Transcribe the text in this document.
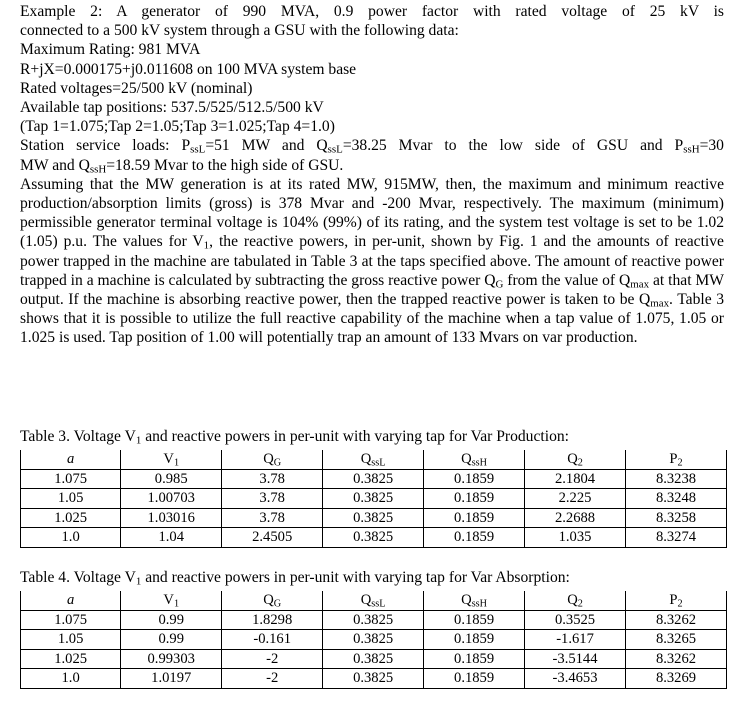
Example 2: A generator of 990 MVA, 0.9 power factor with rated voltage of 25 kV is
connected to a 500 kV system through a GSU with the following data:
Maximum Rating: 981 MVA
R+jX=0.000175+j0.011608 on 100 MVA system base
Rated voltages=25/500 kV (nominal)
Available tap positions: 537.5/525/512.5/500 kV
(Tap 1=1.075;Tap 2=1.05;Tap 3=1.025;Tap 4=1.0)
Station service loads: $P_{ssL}=51$ MW and $Q_{ssL}=38.25$ Mvar to the low side of GSU and $P_{ssH}=30$
MW and $Q_{ssH}=18.59$ Mvar to the high side of GSU.

Assuming that the MW generation is at its rated MW, 915MW, then, the maximum and minimum reactive production/absorption limits (gross) is 378 Mvar and -200 Mvar, respectively. The maximum (minimum) permissible generator terminal voltage is 104% (99%) of its rating, and the system test voltage is set to be 1.02 (1.05) p.u. The values for $V_1$, the reactive powers, in per-unit, shown by Fig. 1 and the amounts of reactive power trapped in the machine are tabulated in Table 3 at the taps specified above. The amount of reactive power trapped in a machine is calculated by subtracting the gross reactive power $Q_G$ from the value of $Q_{max}$ at that MW output. If the machine is absorbing reactive power, then the trapped reactive power is taken to be $Q_{max}$. Table 3 shows that it is possible to utilize the full reactive capability of the machine when a tap value of 1.075, 1.05 or 1.025 is used. Tap position of 1.00 will potentially trap an amount of 133 Mvars on var production.

Table 3. Voltage $V_1$ and reactive powers in per-unit with varying tap for Var Production:
a	$V_1$	$Q_G$	$Q_{ssL}$	$Q_{ssH}$	$Q_2$	$P_2$
1.075	0.985	3.78	0.3825	0.1859	2.1804	8.3238
1.05	1.00703	3.78	0.3825	0.1859	2.225	8.3248
1.025	1.03016	3.78	0.3825	0.1859	2.2688	8.3258
1.0	1.04	2.4505	0.3825	0.1859	1.035	8.3274
Table 4. Voltage $V_1$ and reactive powers in per-unit with varying tap for Var Absorption:
a	$V_1$	$Q_G$	$Q_{ssL}$	$Q_{ssH}$	$Q_2$	$P_2$
1.075	0.99	1.8298	0.3825	0.1859	0.3525	8.3262
1.05	0.99	-0.161	0.3825	0.1859	-1.617	8.3265
1.025	0.99303	-2	0.3825	0.1859	-3.5144	8.3262
1.0	1.0197	-2	0.3825	0.1859	-3.4653	8.3269
